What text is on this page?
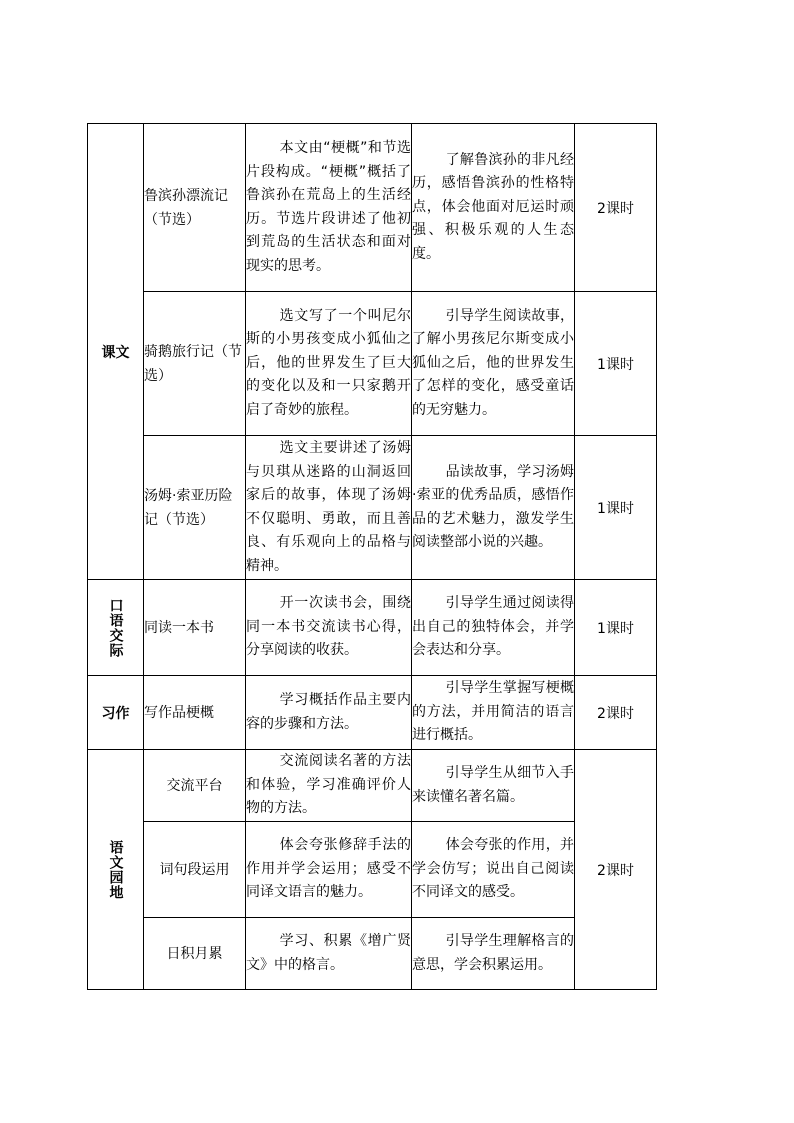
课文	鲁滨孙漂流记（节选）	本文由“梗概”和节选片段构成。“梗概”概括了鲁滨孙在荒岛上的生活经历。节选片段讲述了他初到荒岛的生活状态和面对现实的思考。	了解鲁滨孙的非凡经历，感悟鲁滨孙的性格特点，体会他面对厄运时顽强、积极乐观的人生态度。	2课时
	骑鹅旅行记（节选）	选文写了一个叫尼尔斯的小男孩变成小狐仙之后，他的世界发生了巨大的变化以及和一只家鹅开启了奇妙的旅程。	引导学生阅读故事，了解小男孩尼尔斯变成小狐仙之后，他的世界发生了怎样的变化，感受童话的无穷魅力。	1课时
	汤姆·索亚历险记（节选）	选文主要讲述了汤姆与贝琪从迷路的山洞返回家后的故事，体现了汤姆不仅聪明、勇敢，而且善良、有乐观向上的品格与精神。	品读故事，学习汤姆·索亚的优秀品质，感悟作品的艺术魅力，激发学生阅读整部小说的兴趣。	1课时
口语交际	同读一本书	开一次读书会，围绕同一本书交流读书心得，分享阅读的收获。	引导学生通过阅读得出自己的独特体会，并学会表达和分享。	1课时
习作	写作品梗概	学习概括作品主要内容的步骤和方法。	引导学生掌握写梗概的方法，并用简洁的语言进行概括。	2课时
语文园地	交流平台	交流阅读名著的方法和体验，学习准确评价人物的方法。	引导学生从细节入手来读懂名著名篇。	2课时
	词句段运用	体会夸张修辞手法的作用并学会运用；感受不同译文语言的魅力。	体会夸张的作用，并学会仿写；说出自己阅读不同译文的感受。	
	日积月累	学习、积累《增广贤文》中的格言。	引导学生理解格言的意思，学会积累运用。	
